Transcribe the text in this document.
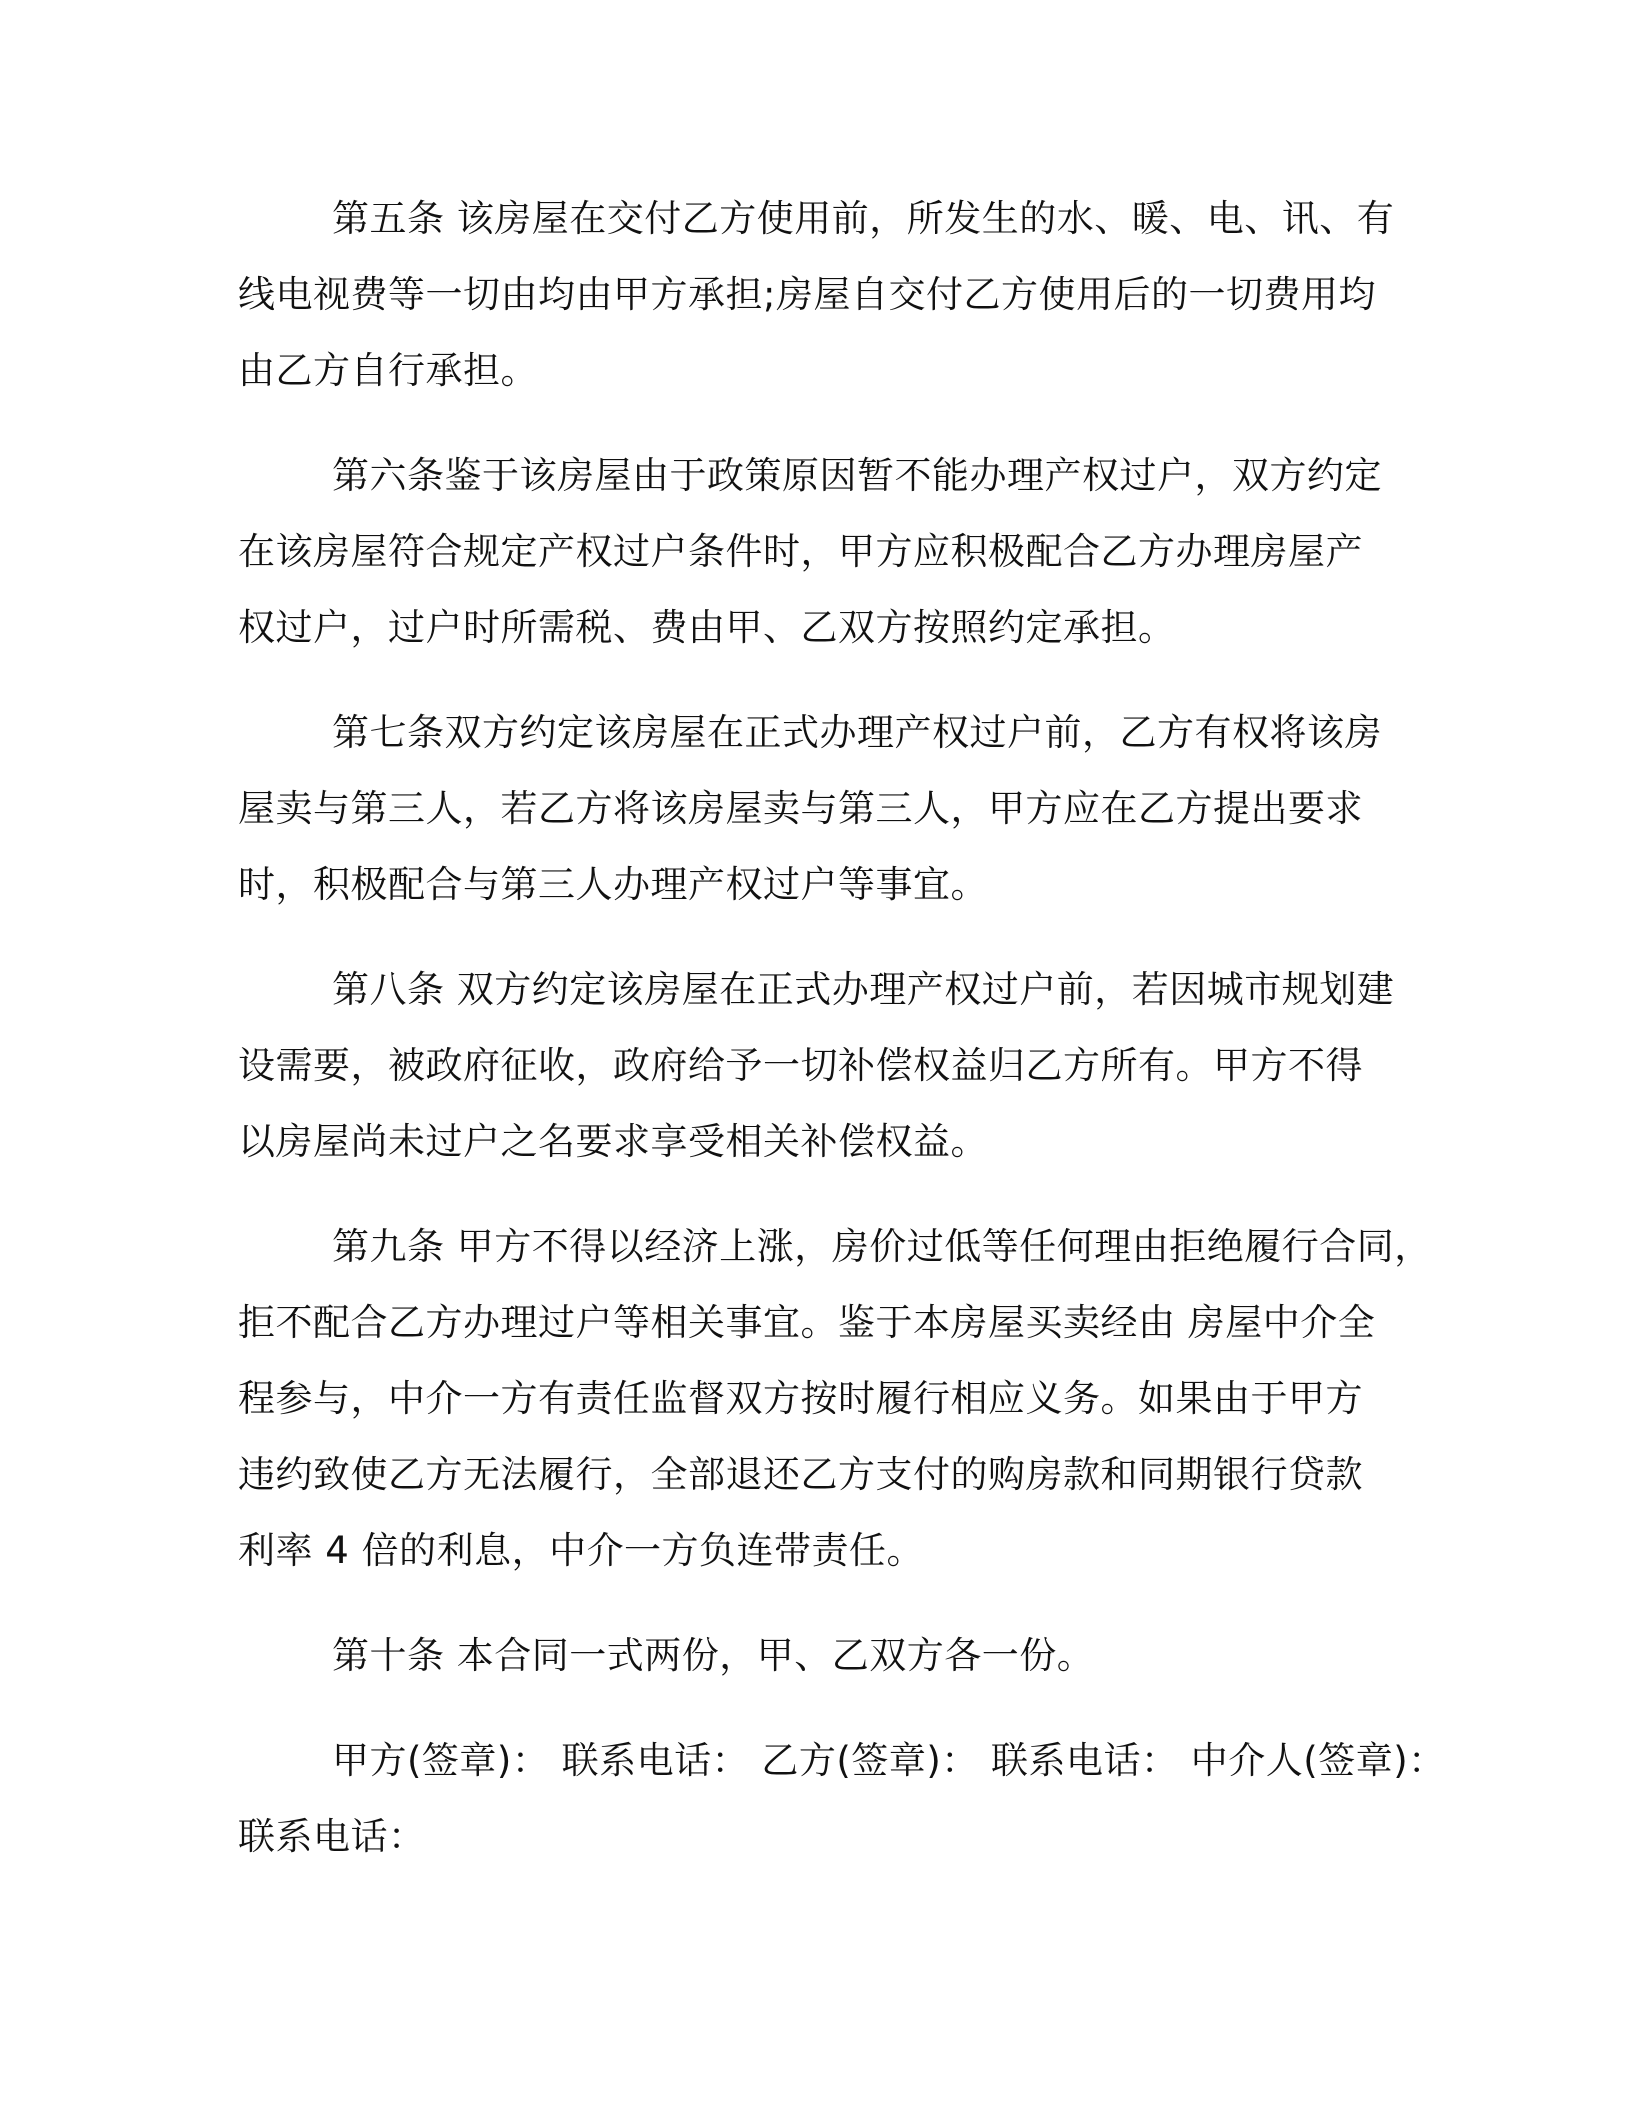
第五条 该房屋在交付乙方使用前，所发生的水、暖、电、讯、有
线电视费等一切由均由甲方承担;房屋自交付乙方使用后的一切费用均
由乙方自行承担。
第六条鉴于该房屋由于政策原因暂不能办理产权过户，双方约定
在该房屋符合规定产权过户条件时，甲方应积极配合乙方办理房屋产
权过户，过户时所需税、费由甲、乙双方按照约定承担。
第七条双方约定该房屋在正式办理产权过户前，乙方有权将该房
屋卖与第三人，若乙方将该房屋卖与第三人，甲方应在乙方提出要求
时，积极配合与第三人办理产权过户等事宜。
第八条 双方约定该房屋在正式办理产权过户前，若因城市规划建
设需要，被政府征收，政府给予一切补偿权益归乙方所有。甲方不得
以房屋尚未过户之名要求享受相关补偿权益。
第九条 甲方不得以经济上涨，房价过低等任何理由拒绝履行合同，
拒不配合乙方办理过户等相关事宜。鉴于本房屋买卖经由 房屋中介全
程参与，中介一方有责任监督双方按时履行相应义务。如果由于甲方
违约致使乙方无法履行，全部退还乙方支付的购房款和同期银行贷款
利率 4 倍的利息，中介一方负连带责任。
第十条 本合同一式两份，甲、乙双方各一份。
甲方(签章)： 联系电话： 乙方(签章)： 联系电话： 中介人(签章)：
联系电话：
